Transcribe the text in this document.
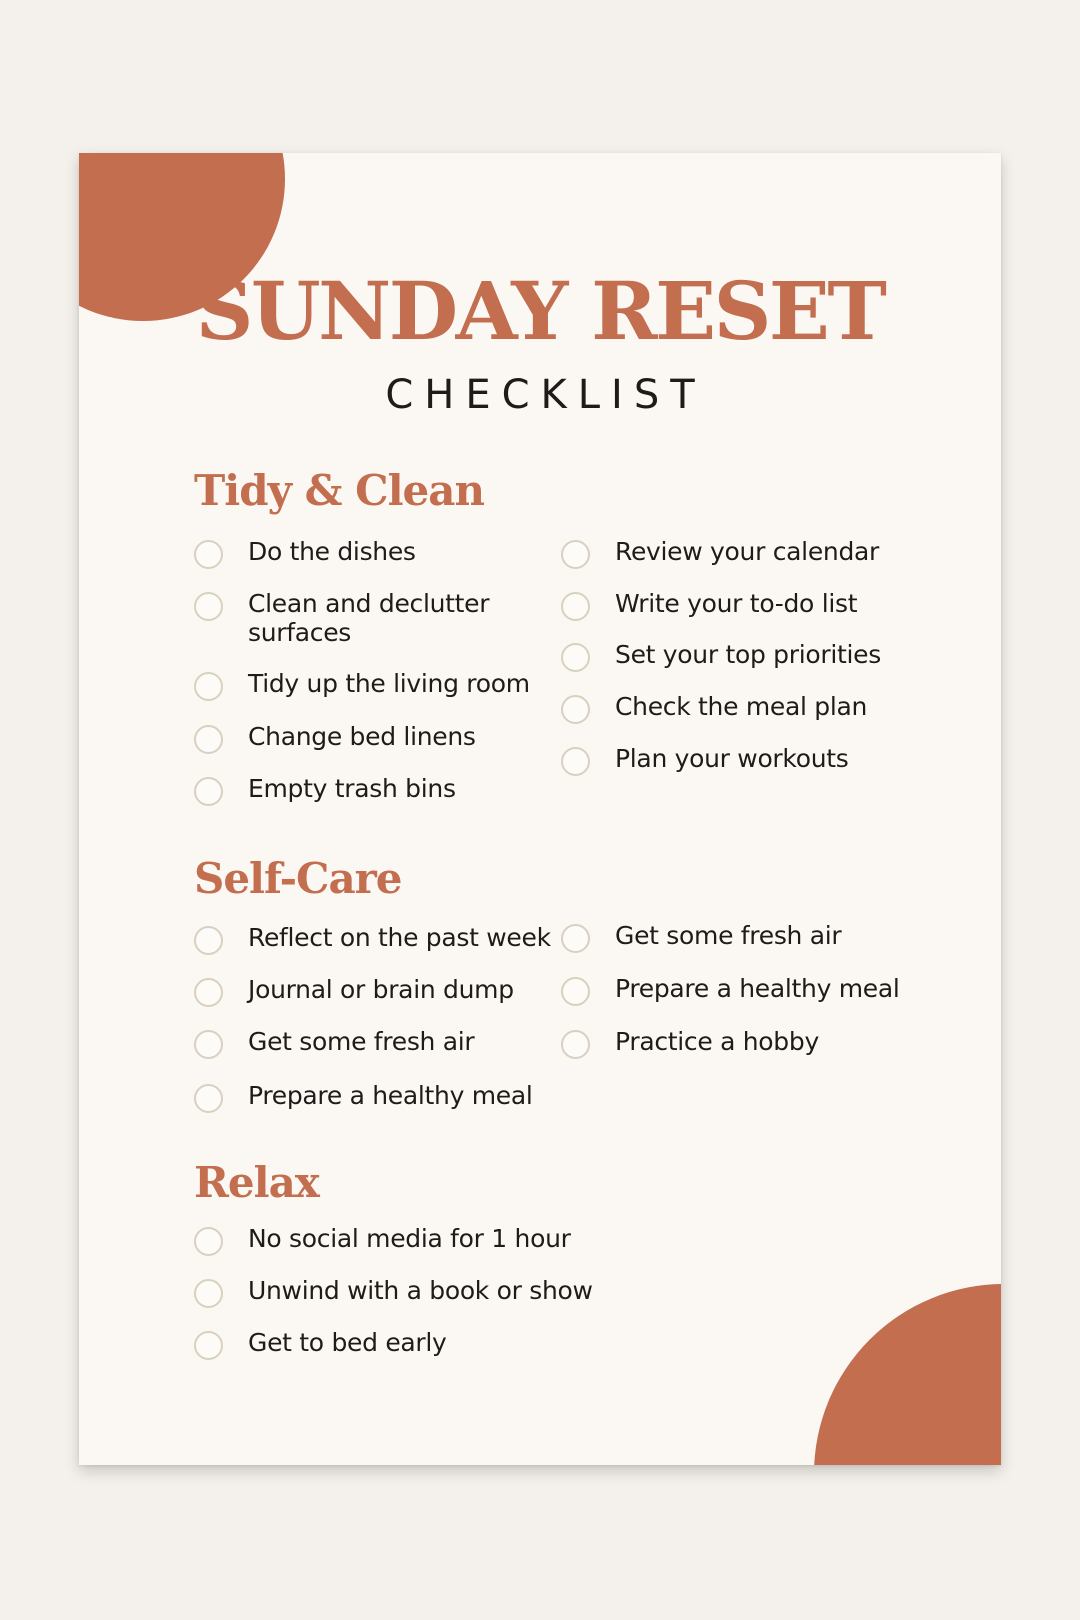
SUNDAY RESET
CHECKLIST
Tidy & Clean
Do the dishes
Clean and declutter surfaces
Tidy up the living room
Change bed linens
Empty trash bins
Review your calendar
Write your to-do list
Set your top priorities
Check the meal plan
Plan your workouts
Self-Care
Reflect on the past week
Journal or brain dump
Get some fresh air
Prepare a healthy meal
Get some fresh air
Prepare a healthy meal
Practice a hobby
Relax
No social media for 1 hour
Unwind with a book or show
Get to bed early
